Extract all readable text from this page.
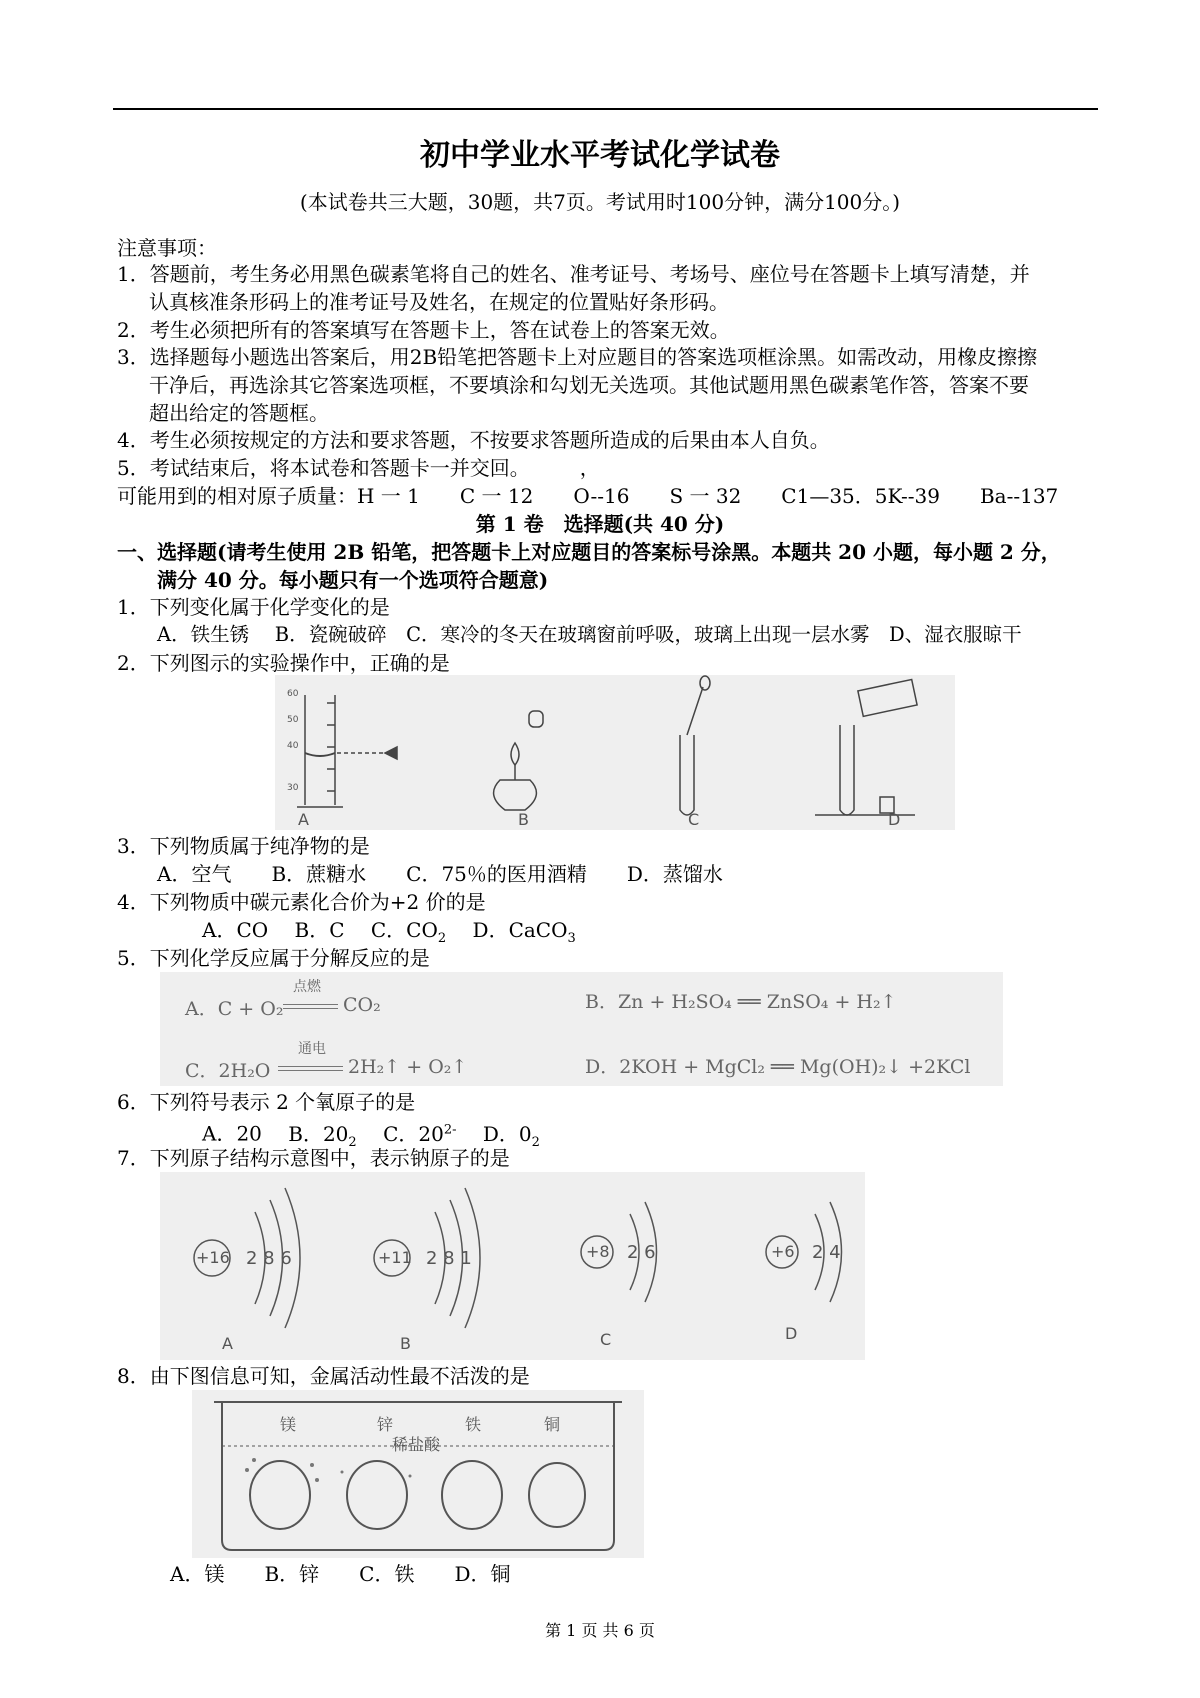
初中学业水平考试化学试卷
(本试卷共三大题，30题，共7页。考试用时100分钟，满分100分。)
注意事项：
1．答题前，考生务必用黑色碳素笔将自己的姓名、准考证号、考场号、座位号在答题卡上填写清楚，并
认真核准条形码上的准考证号及姓名，在规定的位置贴好条形码。
2．考生必须把所有的答案填写在答题卡上，答在试卷上的答案无效。
3．选择题每小题选出答案后，用2B铅笔把答题卡上对应题目的答案选项框涂黑。如需改动，用橡皮擦擦
干净后，再选涂其它答案选项框，不要填涂和勾划无关选项。其他试题用黑色碳素笔作答，答案不要
超出给定的答题框。
4．考生必须按规定的方法和要求答题，不按要求答题所造成的后果由本人自负。
5．考试结束后，将本试卷和答题卡一并交回。　　　，
可能用到的相对原子质量：H 一 1　　C 一 12　　O--16　　S 一 32　　C1—35．5K--39　　Ba--137
第 1 卷　选择题(共 40 分)
一、选择题(请考生使用 2B 铅笔，把答题卡上对应题目的答案标号涂黑。本题共 20 小题，每小题 2 分，
满分 40 分。每小题只有一个选项符合题意)
1．下列变化属于化学变化的是
A．铁生锈　 B．瓷碗破碎　C．寒冷的冬天在玻璃窗前呼吸，玻璃上出现一层水雾　D、湿衣服晾干
2．下列图示的实验操作中，正确的是
A	B	C	D
60
50
40
30
3．下列物质属于纯净物的是
A．空气　　B．蔗糖水　　C．75％的医用酒精　　D．蒸馏水
4．下列物质中碳元素化合价为+2 价的是
A．CO  B．C  C．$CO_2$  D．CaCO$_3$
5．下列化学反应属于分解反应的是
A．C + O₂
点燃
CO₂	B．Zn + H₂SO₄ ══ ZnSO₄ + H₂↑
C．2H₂O
通电
2H₂↑ + O₂↑	D．2KOH + MgCl₂ ══ Mg(OH)₂↓ +2KCl
6．下列符号表示 2 个氧原子的是
A．20  B．$20_2$  C．$20^{2-}$  D．$0_2$
7．下列原子结构示意图中，表示钠原子的是
+16 2 8 6
A
+11 2 8 1
B
+8 2 6
C
+6 2 4
D
8．由下图信息可知，金属活动性最不活泼的是
镁	锌	铁	铜
稀盐酸
A．镁　　B．锌　　C．铁　　D．铜
第 1 页 共 6 页
